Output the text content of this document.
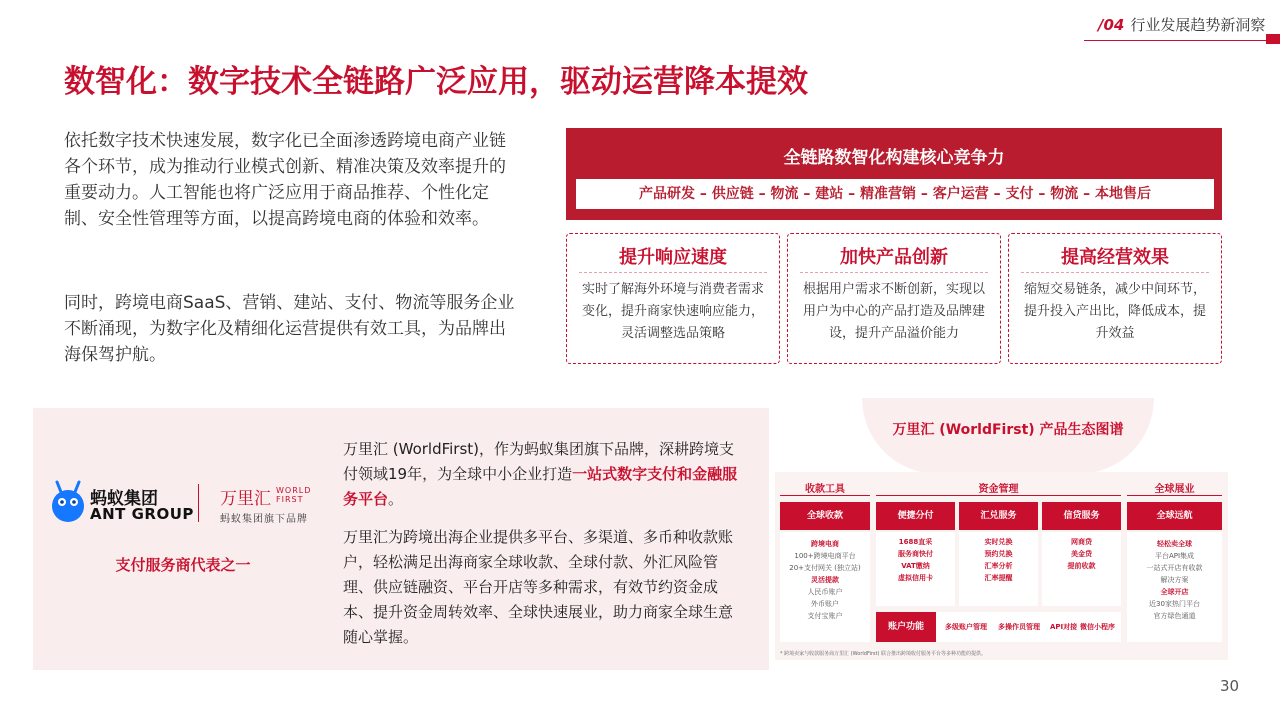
/04 行业发展趋势新洞察
数智化：数字技术全链路广泛应用，驱动运营降本提效
依托数字技术快速发展，数字化已全面渗透跨境电商产业链各个环节，成为推动行业模式创新、精准决策及效率提升的重要动力。人工智能也将广泛应用于商品推荐、个性化定制、安全性管理等方面，以提高跨境电商的体验和效率。
同时，跨境电商SaaS、营销、建站、支付、物流等服务企业不断涌现，为数字化及精细化运营提供有效工具，为品牌出海保驾护航。
全链路数智化构建核心竞争力
产品研发 – 供应链 – 物流 – 建站 – 精准营销 – 客户运营 – 支付 – 物流 – 本地售后
提升响应速度
实时了解海外环境与消费者需求变化，提升商家快速响应能力，灵活调整选品策略
加快产品创新
根据用户需求不断创新，实现以用户为中心的产品打造及品牌建设，提升产品溢价能力
提高经营效果
缩短交易链条，减少中间环节，提升投入产出比，降低成本，提升效益
蚂蚁集团
ANT GROUP
万里汇 WORLD
FIRST
蚂蚁集团旗下品牌
支付服务商代表之一
万里汇 (WorldFirst)，作为蚂蚁集团旗下品牌，深耕跨境支付领域19年，为全球中小企业打造一站式数字支付和金融服务平台。
万里汇为跨境出海企业提供多平台、多渠道、多币种收款账户，轻松满足出海商家全球收款、全球付款、外汇风险管理、供应链融资、平台开店等多种需求，有效节约资金成本、提升资金周转效率、全球快速展业，助力商家全球生意随心掌握。
万里汇 (WorldFirst) 产品生态图谱
收款工具
全球收款
跨境电商
100+跨境电商平台
20+支付网关 (独立站)
灵活提款
人民币账户
外币账户
支付宝账户
资金管理
便捷分付	汇兑服务	信贷服务
1688直采
服务商快付
VAT缴纳
虚拟信用卡
实时兑换
预约兑换
汇率分析
汇率提醒
网商贷
美金贷
提前收款
账户功能	多级账户管理 多操作员管理 API对接 微信小程序
全球展业
全球远航
轻松卖全球
平台API集成
一站式开店有收款
解决方案
全球开店
近30家热门平台
官方绿色通道
* 跨境卖家与收款服务商万里汇 (WorldFirst) 联合推出跨境收付服务平台等多种功能的提供。
30
